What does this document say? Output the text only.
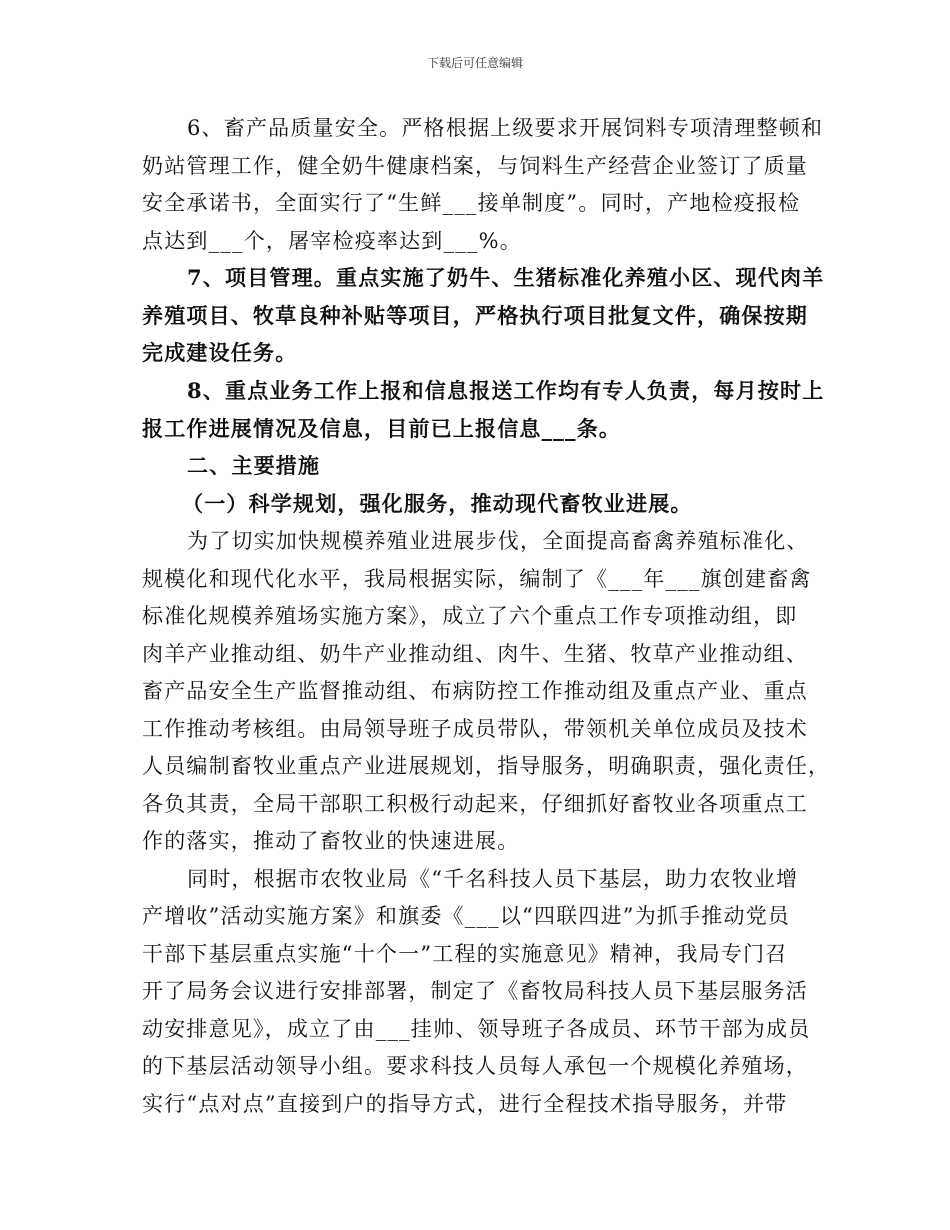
下载后可任意编辑
6、畜产品质量安全。严格根据上级要求开展饲料专项清理整顿和
奶站管理工作，健全奶牛健康档案，与饲料生产经营企业签订了质量
安全承诺书，全面实行了“生鲜___接单制度”。同时，产地检疫报检
点达到___个，屠宰检疫率达到___%。
7、项目管理。重点实施了奶牛、生猪标准化养殖小区、现代肉羊
养殖项目、牧草良种补贴等项目，严格执行项目批复文件，确保按期
完成建设任务。
8、重点业务工作上报和信息报送工作均有专人负责，每月按时上
报工作进展情况及信息，目前已上报信息___条。
二、主要措施
（一）科学规划，强化服务，推动现代畜牧业进展。
为了切实加快规模养殖业进展步伐，全面提高畜禽养殖标准化、
规模化和现代化水平，我局根据实际，编制了《___年___旗创建畜禽
标准化规模养殖场实施方案》，成立了六个重点工作专项推动组，即
肉羊产业推动组、奶牛产业推动组、肉牛、生猪、牧草产业推动组、
畜产品安全生产监督推动组、布病防控工作推动组及重点产业、重点
工作推动考核组。由局领导班子成员带队，带领机关单位成员及技术
人员编制畜牧业重点产业进展规划，指导服务，明确职责，强化责任，
各负其责，全局干部职工积极行动起来，仔细抓好畜牧业各项重点工
作的落实，推动了畜牧业的快速进展。
同时，根据市农牧业局《“千名科技人员下基层，助力农牧业增
产增收”活动实施方案》和旗委《___以“四联四进”为抓手推动党员
干部下基层重点实施“十个一”工程的实施意见》精神，我局专门召
开了局务会议进行安排部署，制定了《畜牧局科技人员下基层服务活
动安排意见》，成立了由___挂帅、领导班子各成员、环节干部为成员
的下基层活动领导小组。要求科技人员每人承包一个规模化养殖场，
实行“点对点”直接到户的指导方式，进行全程技术指导服务，并带
